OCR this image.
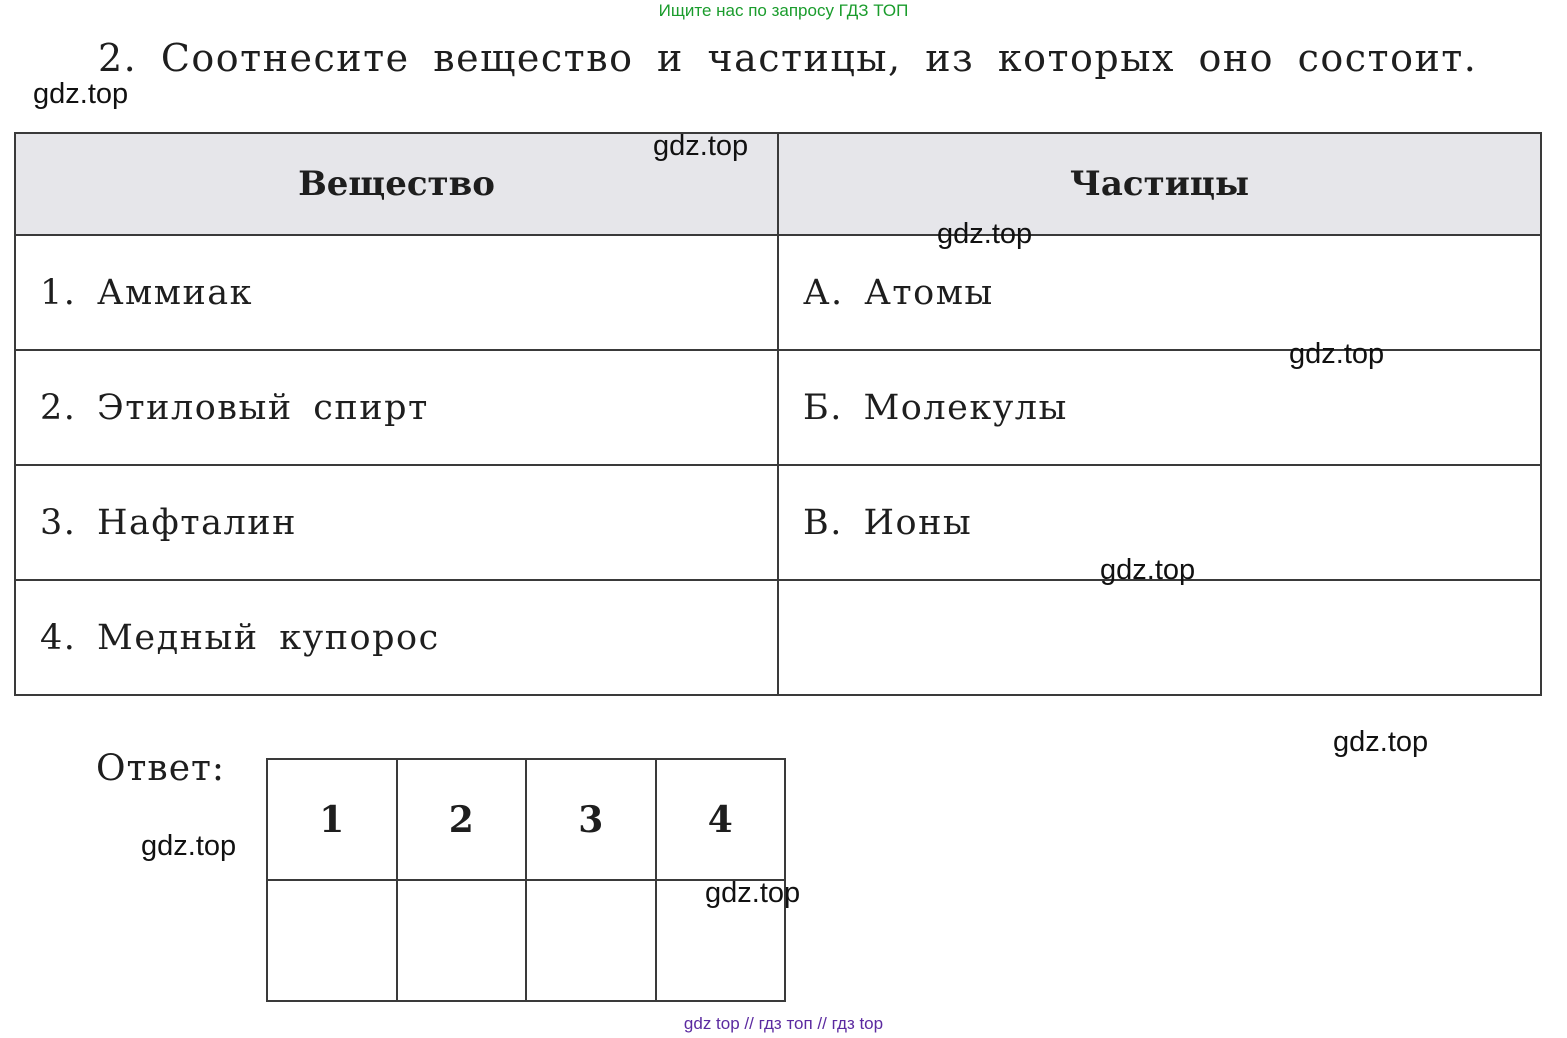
Ищите нас по запросу ГДЗ ТОП
2. Соотнесите вещество и частицы, из которых оно состоит.
Вещество	Частицы
1. Аммиак	А. Атомы
2. Этиловый спирт	Б. Молекулы
3. Нафталин	В. Ионы
4. Медный купорос	
Ответ:
1	2	3	4

gdz.top
gdz.top
gdz.top
gdz.top
gdz.top
gdz.top
gdz.top
gdz.top
gdz top // гдз топ // гдз top
